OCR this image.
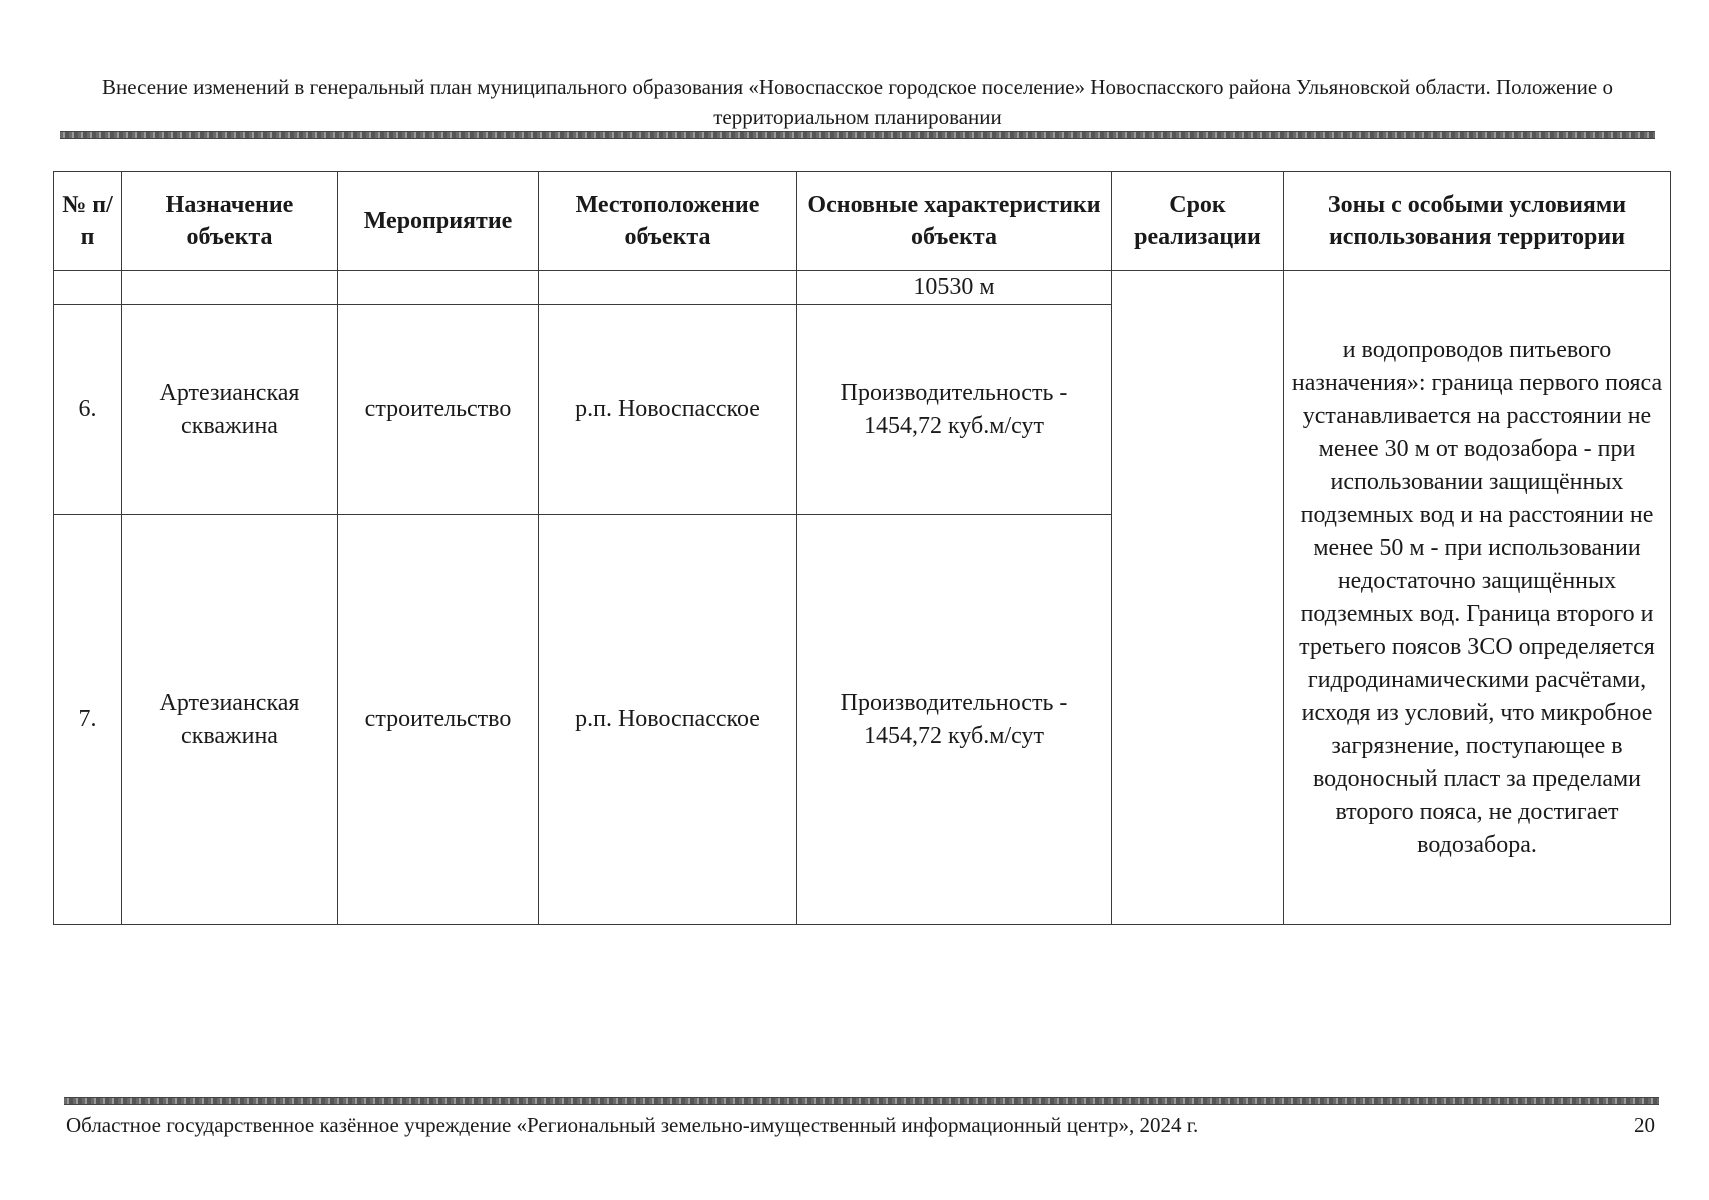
Внесение изменений в генеральный план муниципального образования «Новоспасское городское поселение» Новоспасского района Ульяновской области. Положение о территориальном планировании
№ п/п	Назначение объекта	Мероприятие	Местоположение объекта	Основные характеристики объекта	Срок реализации	Зоны с особыми условиями использования территории
				10530 м		и водопроводов питьевого назначения»: граница первого пояса устанавливается на расстоянии не менее 30 м от водозабора - при использовании защищённых подземных вод и на расстоянии не менее 50 м - при использовании недостаточно защищённых подземных вод. Граница второго и третьего поясов ЗСО определяется гидродинамическими расчётами, исходя из условий, что микробное загрязнение, поступающее в водоносный пласт за пределами второго пояса, не достигает водозабора.
6.	Артезианская скважина	строительство	р.п. Новоспасское	Производительность - 1454,72 куб.м/сут		
7.	Артезианская скважина	строительство	р.п. Новоспасское	Производительность - 1454,72 куб.м/сут		
Областное государственное казённое учреждение «Региональный земельно-имущественный информационный центр», 2024 г.	20
